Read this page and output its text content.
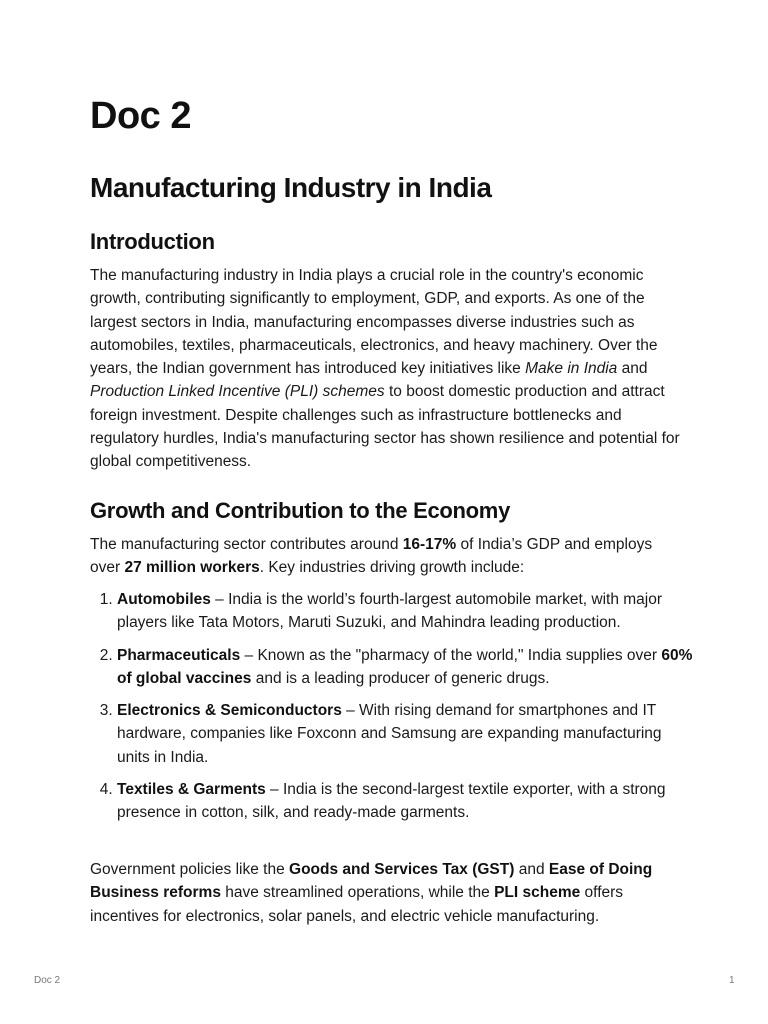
Doc 2
Manufacturing Industry in India
Introduction

The manufacturing industry in India plays a crucial role in the country's economic growth, contributing significantly to employment, GDP, and exports. As one of the largest sectors in India, manufacturing encompasses diverse industries such as automobiles, textiles, pharmaceuticals, electronics, and heavy machinery. Over the years, the Indian government has introduced key initiatives like Make in India and Production Linked Incentive (PLI) schemes to boost domestic production and attract foreign investment. Despite challenges such as infrastructure bottlenecks and regulatory hurdles, India's manufacturing sector has shown resilience and potential for global competitiveness.

Growth and Contribution to the Economy

The manufacturing sector contributes around 16-17% of India’s GDP and employs over 27 million workers. Key industries driving growth include:

1. Automobiles – India is the world’s fourth-largest automobile market, with major players like Tata Motors, Maruti Suzuki, and Mahindra leading production.
2. Pharmaceuticals – Known as the "pharmacy of the world," India supplies over 60% of global vaccines and is a leading producer of generic drugs.
3. Electronics & Semiconductors – With rising demand for smartphones and IT hardware, companies like Foxconn and Samsung are expanding manufacturing units in India.
4. Textiles & Garments – India is the second-largest textile exporter, with a strong presence in cotton, silk, and ready-made garments.

Government policies like the Goods and Services Tax (GST) and Ease of Doing Business reforms have streamlined operations, while the PLI scheme offers incentives for electronics, solar panels, and electric vehicle manufacturing.

Doc 2	1
